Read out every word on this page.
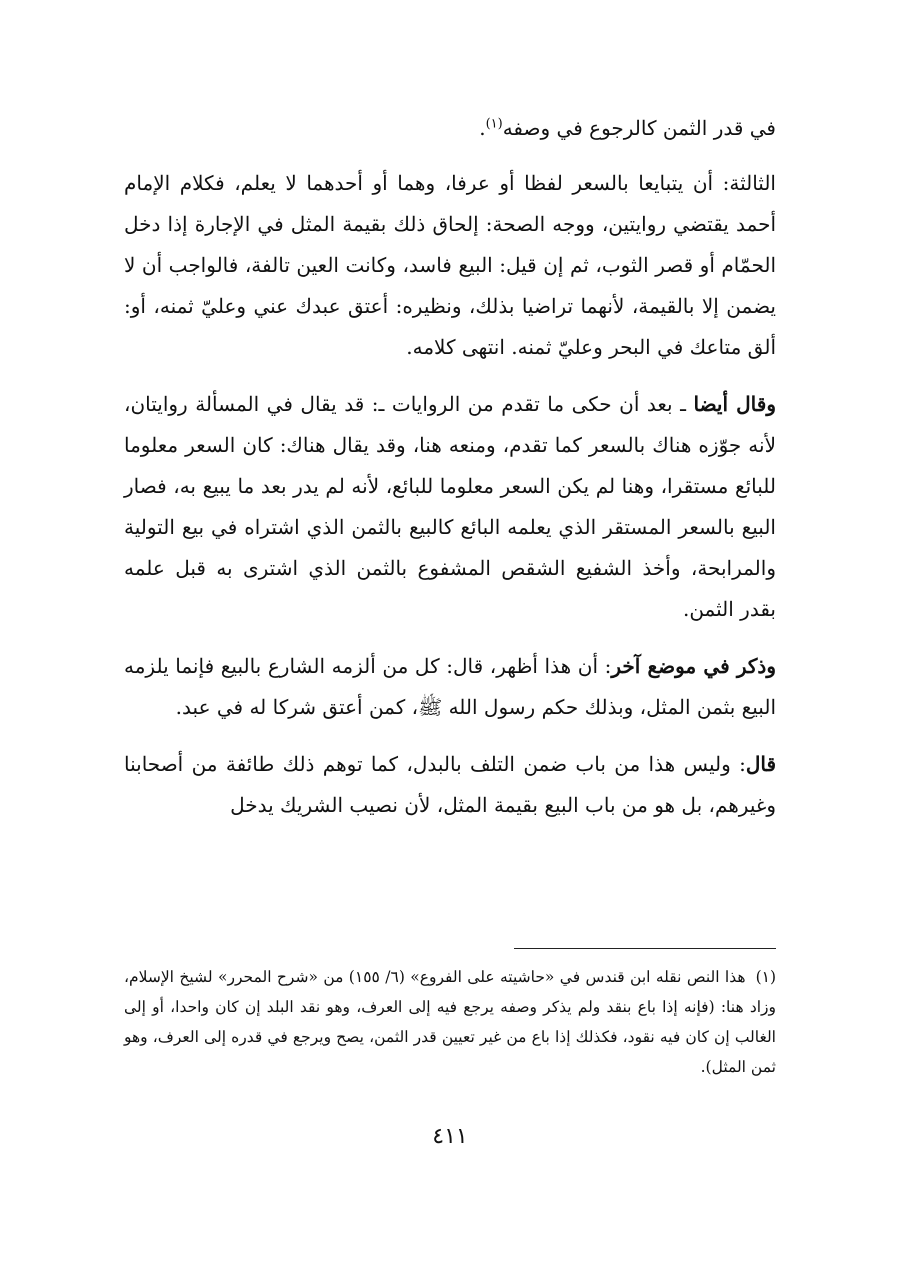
في قدر الثمن كالرجوع في وصفه$^{(١)}$.

الثالثة: أن يتبايعا بالسعر لفظا أو عرفا، وهما أو أحدهما لا يعلم، فكلام الإمام أحمد يقتضي روايتين، ووجه الصحة: إلحاق ذلك بقيمة المثل في الإجارة إذا دخل الحمّام أو قصر الثوب، ثم إن قيل: البيع فاسد، وكانت العين تالفة، فالواجب أن لا يضمن إلا بالقيمة، لأنهما تراضيا بذلك، ونظيره: أعتق عبدك عني وعليّ ثمنه، أو: ألق متاعك في البحر وعليّ ثمنه. انتهى كلامه.

وقال أيضا ـ بعد أن حكى ما تقدم من الروايات ـ: قد يقال في المسألة روايتان، لأنه جوّزه هناك بالسعر كما تقدم، ومنعه هنا، وقد يقال هناك: كان السعر معلوما للبائع مستقرا، وهنا لم يكن السعر معلوما للبائع، لأنه لم يدر بعد ما يبيع به، فصار البيع بالسعر المستقر الذي يعلمه البائع كالبيع بالثمن الذي اشتراه في بيع التولية والمرابحة، وأخذ الشفيع الشقص المشفوع بالثمن الذي اشترى به قبل علمه بقدر الثمن.

وذكر في موضع آخر: أن هذا أظهر، قال: كل من ألزمه الشارع بالبيع فإنما يلزمه البيع بثمن المثل، وبذلك حكم رسول الله ﷺ، كمن أعتق شركا له في عبد.

قال: وليس هذا من باب ضمن التلف بالبدل، كما توهم ذلك طائفة من أصحابنا وغيرهم، بل هو من باب البيع بقيمة المثل، لأن نصيب الشريك يدخل

(١)هذا النص نقله ابن قندس في «حاشيته على الفروع» (٦/ ١٥٥) من «شرح المحرر» لشيخ الإسلام، وزاد هنا: (فإنه إذا باع بنقد ولم يذكر وصفه يرجع فيه إلى العرف، وهو نقد البلد إن كان واحدا، أو إلى الغالب إن كان فيه نقود، فكذلك إذا باع من غير تعيين قدر الثمن، يصح ويرجع في قدره إلى العرف، وهو ثمن المثل).
٤١١
